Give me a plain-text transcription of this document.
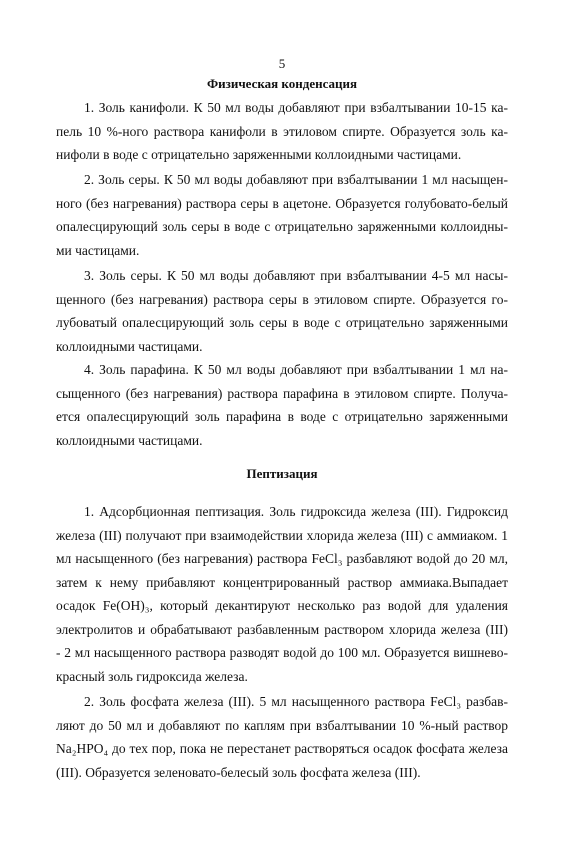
5
Физическая конденсация
1. Золь канифоли. К 50 мл воды добавляют при взбалтывании 10-15 ка-
пель 10 %-ного раствора канифоли в этиловом спирте. Образуется золь ка-
нифоли в воде с отрицательно заряженными коллоидными частицами.
2. Золь серы. К 50 мл воды добавляют при взбалтывании 1 мл насыщен-
ного (без нагревания) раствора серы в ацетоне. Образуется голубовато-белый
опалесцирующий золь серы в воде с отрицательно заряженными коллоидны-
ми частицами.
3. Золь серы. К 50 мл воды добавляют при взбалтывании 4-5 мл насы-
щенного (без нагревания) раствора серы в этиловом спирте. Образуется го-
лубоватый опалесцирующий золь серы в воде с отрицательно заряженными
коллоидными частицами.
4. Золь парафина. К 50 мл воды добавляют при взбалтывании 1 мл на-
сыщенного (без нагревания) раствора парафина в этиловом спирте. Получа-
ется опалесцирующий золь парафина в воде с отрицательно заряженными
коллоидными частицами.
Пептизация
1. Адсорбционная пептизация. Золь гидроксида железа (III). Гидроксид
железа (III) получают при взаимодействии хлорида железа (III) с аммиаком. 1
мл насыщенного (без нагревания) раствора FeCl₃ разбавляют водой до 20 мл,
затем к нему прибавляют концентрированный раствор аммиака.Выпадает
осадок Fe(OH)₃, который декантируют несколько раз водой для удаления
электролитов и обрабатывают разбавленным раствором хлорида железа (III)
- 2 мл насыщенного раствора разводят водой до 100 мл. Образуется вишнево-
красный золь гидроксида железа.
2. Золь фосфата железа (III). 5 мл насыщенного раствора FeCl₃ разбав-
ляют до 50 мл и добавляют по каплям при взбалтывании 10 %-ный раствор
Na₂HPO₄ до тех пор, пока не перестанет растворяться осадок фосфата железа
(III). Образуется зеленовато-белесый золь фосфата железа (III).
